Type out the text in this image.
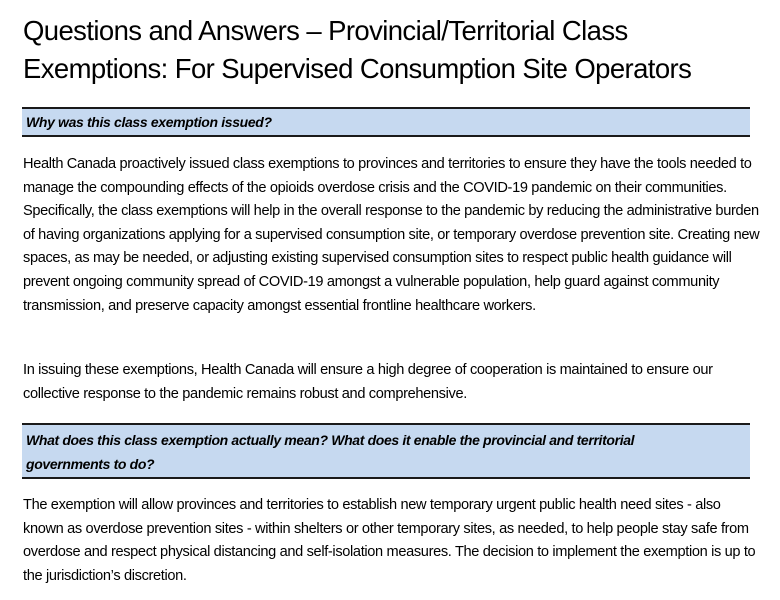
Questions and Answers – Provincial/Territorial Class Exemptions: For Supervised Consumption Site Operators
Why was this class exemption issued?

Health Canada proactively issued class exemptions to provinces and territories to ensure they have the tools needed to manage the compounding effects of the opioids overdose crisis and the COVID-19 pandemic on their communities. Specifically, the class exemptions will help in the overall response to the pandemic by reducing the administrative burden of having organizations applying for a supervised consumption site, or temporary overdose prevention site. Creating new spaces, as may be needed, or adjusting existing supervised consumption sites to respect public health guidance will prevent ongoing community spread of COVID-19 amongst a vulnerable population, help guard against community transmission, and preserve capacity amongst essential frontline healthcare workers.

In issuing these exemptions, Health Canada will ensure a high degree of cooperation is maintained to ensure our collective response to the pandemic remains robust and comprehensive.

What does this class exemption actually mean? What does it enable the provincial and territorial governments to do?

The exemption will allow provinces and territories to establish new temporary urgent public health need sites - also known as overdose prevention sites - within shelters or other temporary sites, as needed, to help people stay safe from overdose and respect physical distancing and self-isolation measures. The decision to implement the exemption is up to the jurisdiction’s discretion.
